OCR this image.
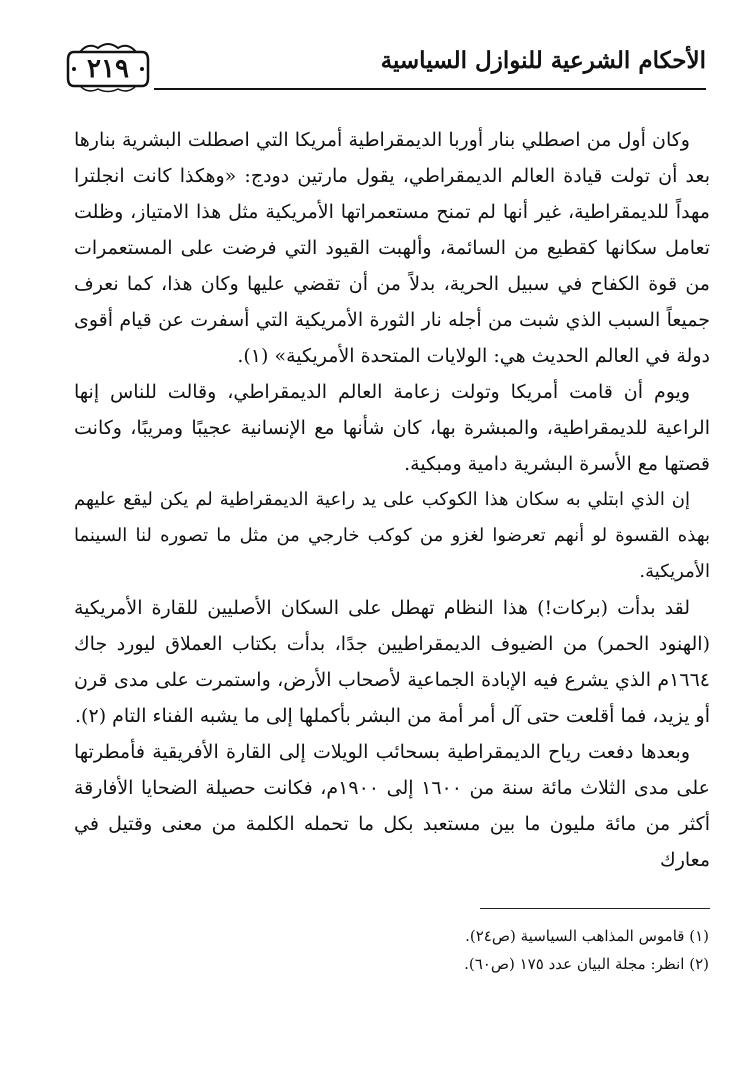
٢١٩	الأحكام الشرعية للنوازل السياسية

وكان أول من اصطلي بنار أوربا الديمقراطية أمريكا التي اصطلت البشرية بنارها بعد أن تولت قيادة العالم الديمقراطي، يقول مارتين دودج: «وهكذا كانت انجلترا مهداً للديمقراطية، غير أنها لم تمنح مستعمراتها الأمريكية مثل هذا الامتياز، وظلت تعامل سكانها كقطيع من السائمة، وألهبت القيود التي فرضت على المستعمرات من قوة الكفاح في سبيل الحرية، بدلاً من أن تقضي عليها وكان هذا، كما نعرف جميعاً السبب الذي شبت من أجله نار الثورة الأمريكية التي أسفرت عن قيام أقوى دولة في العالم الحديث هي: الولايات المتحدة الأمريكية» (١).

ويوم أن قامت أمريكا وتولت زعامة العالم الديمقراطي، وقالت للناس إنها الراعية للديمقراطية، والمبشرة بها، كان شأنها مع الإنسانية عجيبًا ومريبًا، وكانت قصتها مع الأسرة البشرية دامية ومبكية.

إن الذي ابتلي به سكان هذا الكوكب على يد راعية الديمقراطية لم يكن ليقع عليهم بهذه القسوة لو أنهم تعرضوا لغزو من كوكب خارجي من مثل ما تصوره لنا السينما الأمريكية.

لقد بدأت (بركات!) هذا النظام تهطل على السكان الأصليين للقارة الأمريكية (الهنود الحمر) من الضيوف الديمقراطيين جدًا، بدأت بكتاب العملاق ليورد جاك ١٦٦٤م الذي يشرع فيه الإبادة الجماعية لأصحاب الأرض، واستمرت على مدى قرن أو يزيد، فما أقلعت حتى آل أمر أمة من البشر بأكملها إلى ما يشبه الفناء التام (٢).

وبعدها دفعت رياح الديمقراطية بسحائب الويلات إلى القارة الأفريقية فأمطرتها على مدى الثلاث مائة سنة من ١٦٠٠ إلى ١٩٠٠م، فكانت حصيلة الضحايا الأفارقة أكثر من مائة مليون ما بين مستعبد بكل ما تحمله الكلمة من معنى وقتيل في معارك

(١) قاموس المذاهب السياسية (ص٢٤).
(٢) انظر: مجلة البيان عدد ١٧٥ (ص٦٠).
